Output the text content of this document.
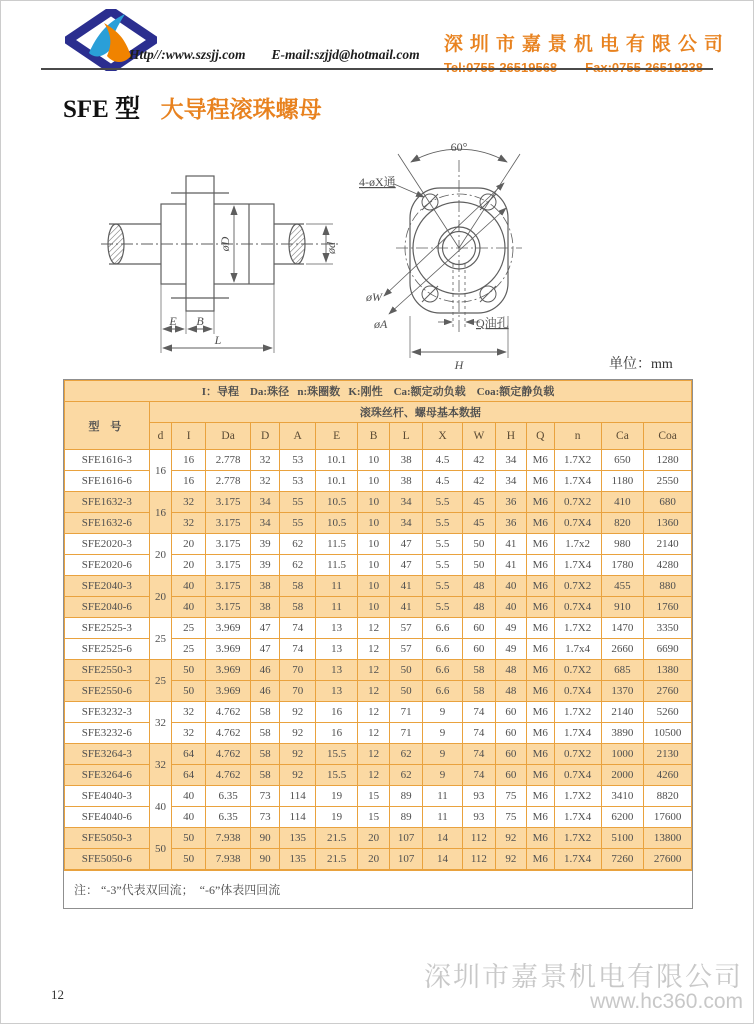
Http//:www.szsjj.com E-mail:szjjd@hotmail.com	深圳市嘉景机电有限公司
SFE 型 大导程滚珠螺母
øD	ød
E B
L
60°
4-øX通
øW
øA	Q油孔
H	单位：mm
I：导程    Da:珠径   n:珠圈数   K:刚性    Ca:额定动负载    Coa:额定静负载															
型 号	滚珠丝杆、螺母基本数据														
	d	I	Da	D	A	E	B	L	X	W	H	Q	n	Ca	Coa
SFE1616-3	16	16	2.778	32	53	10.1	10	38	4.5	42	34	M6	1.7X2	650	1280
SFE1616-6		16	2.778	32	53	10.1	10	38	4.5	42	34	M6	1.7X4	1180	2550
SFE1632-3	16	32	3.175	34	55	10.5	10	34	5.5	45	36	M6	0.7X2	410	680
SFE1632-6		32	3.175	34	55	10.5	10	34	5.5	45	36	M6	0.7X4	820	1360
SFE2020-3	20	20	3.175	39	62	11.5	10	47	5.5	50	41	M6	1.7x2	980	2140
SFE2020-6		20	3.175	39	62	11.5	10	47	5.5	50	41	M6	1.7X4	1780	4280
SFE2040-3	20	40	3.175	38	58	11	10	41	5.5	48	40	M6	0.7X2	455	880
SFE2040-6		40	3.175	38	58	11	10	41	5.5	48	40	M6	0.7X4	910	1760
SFE2525-3	25	25	3.969	47	74	13	12	57	6.6	60	49	M6	1.7X2	1470	3350
SFE2525-6		25	3.969	47	74	13	12	57	6.6	60	49	M6	1.7x4	2660	6690
SFE2550-3	25	50	3.969	46	70	13	12	50	6.6	58	48	M6	0.7X2	685	1380
SFE2550-6		50	3.969	46	70	13	12	50	6.6	58	48	M6	0.7X4	1370	2760
SFE3232-3	32	32	4.762	58	92	16	12	71	9	74	60	M6	1.7X2	2140	5260
SFE3232-6		32	4.762	58	92	16	12	71	9	74	60	M6	1.7X4	3890	10500
SFE3264-3	32	64	4.762	58	92	15.5	12	62	9	74	60	M6	0.7X2	1000	2130
SFE3264-6		64	4.762	58	92	15.5	12	62	9	74	60	M6	0.7X4	2000	4260
SFE4040-3	40	40	6.35	73	114	19	15	89	11	93	75	M6	1.7X2	3410	8820
SFE4040-6		40	6.35	73	114	19	15	89	11	93	75	M6	1.7X4	6200	17600
SFE5050-3	50	50	7.938	90	135	21.5	20	107	14	112	92	M6	1.7X2	5100	13800
SFE5050-6		50	7.938	90	135	21.5	20	107	14	112	92	M6	1.7X4	7260	27600
注： “-3”代表双回流；  “-6”体表四回流
12
深圳市嘉景机电有限公司
www.hc360.com
